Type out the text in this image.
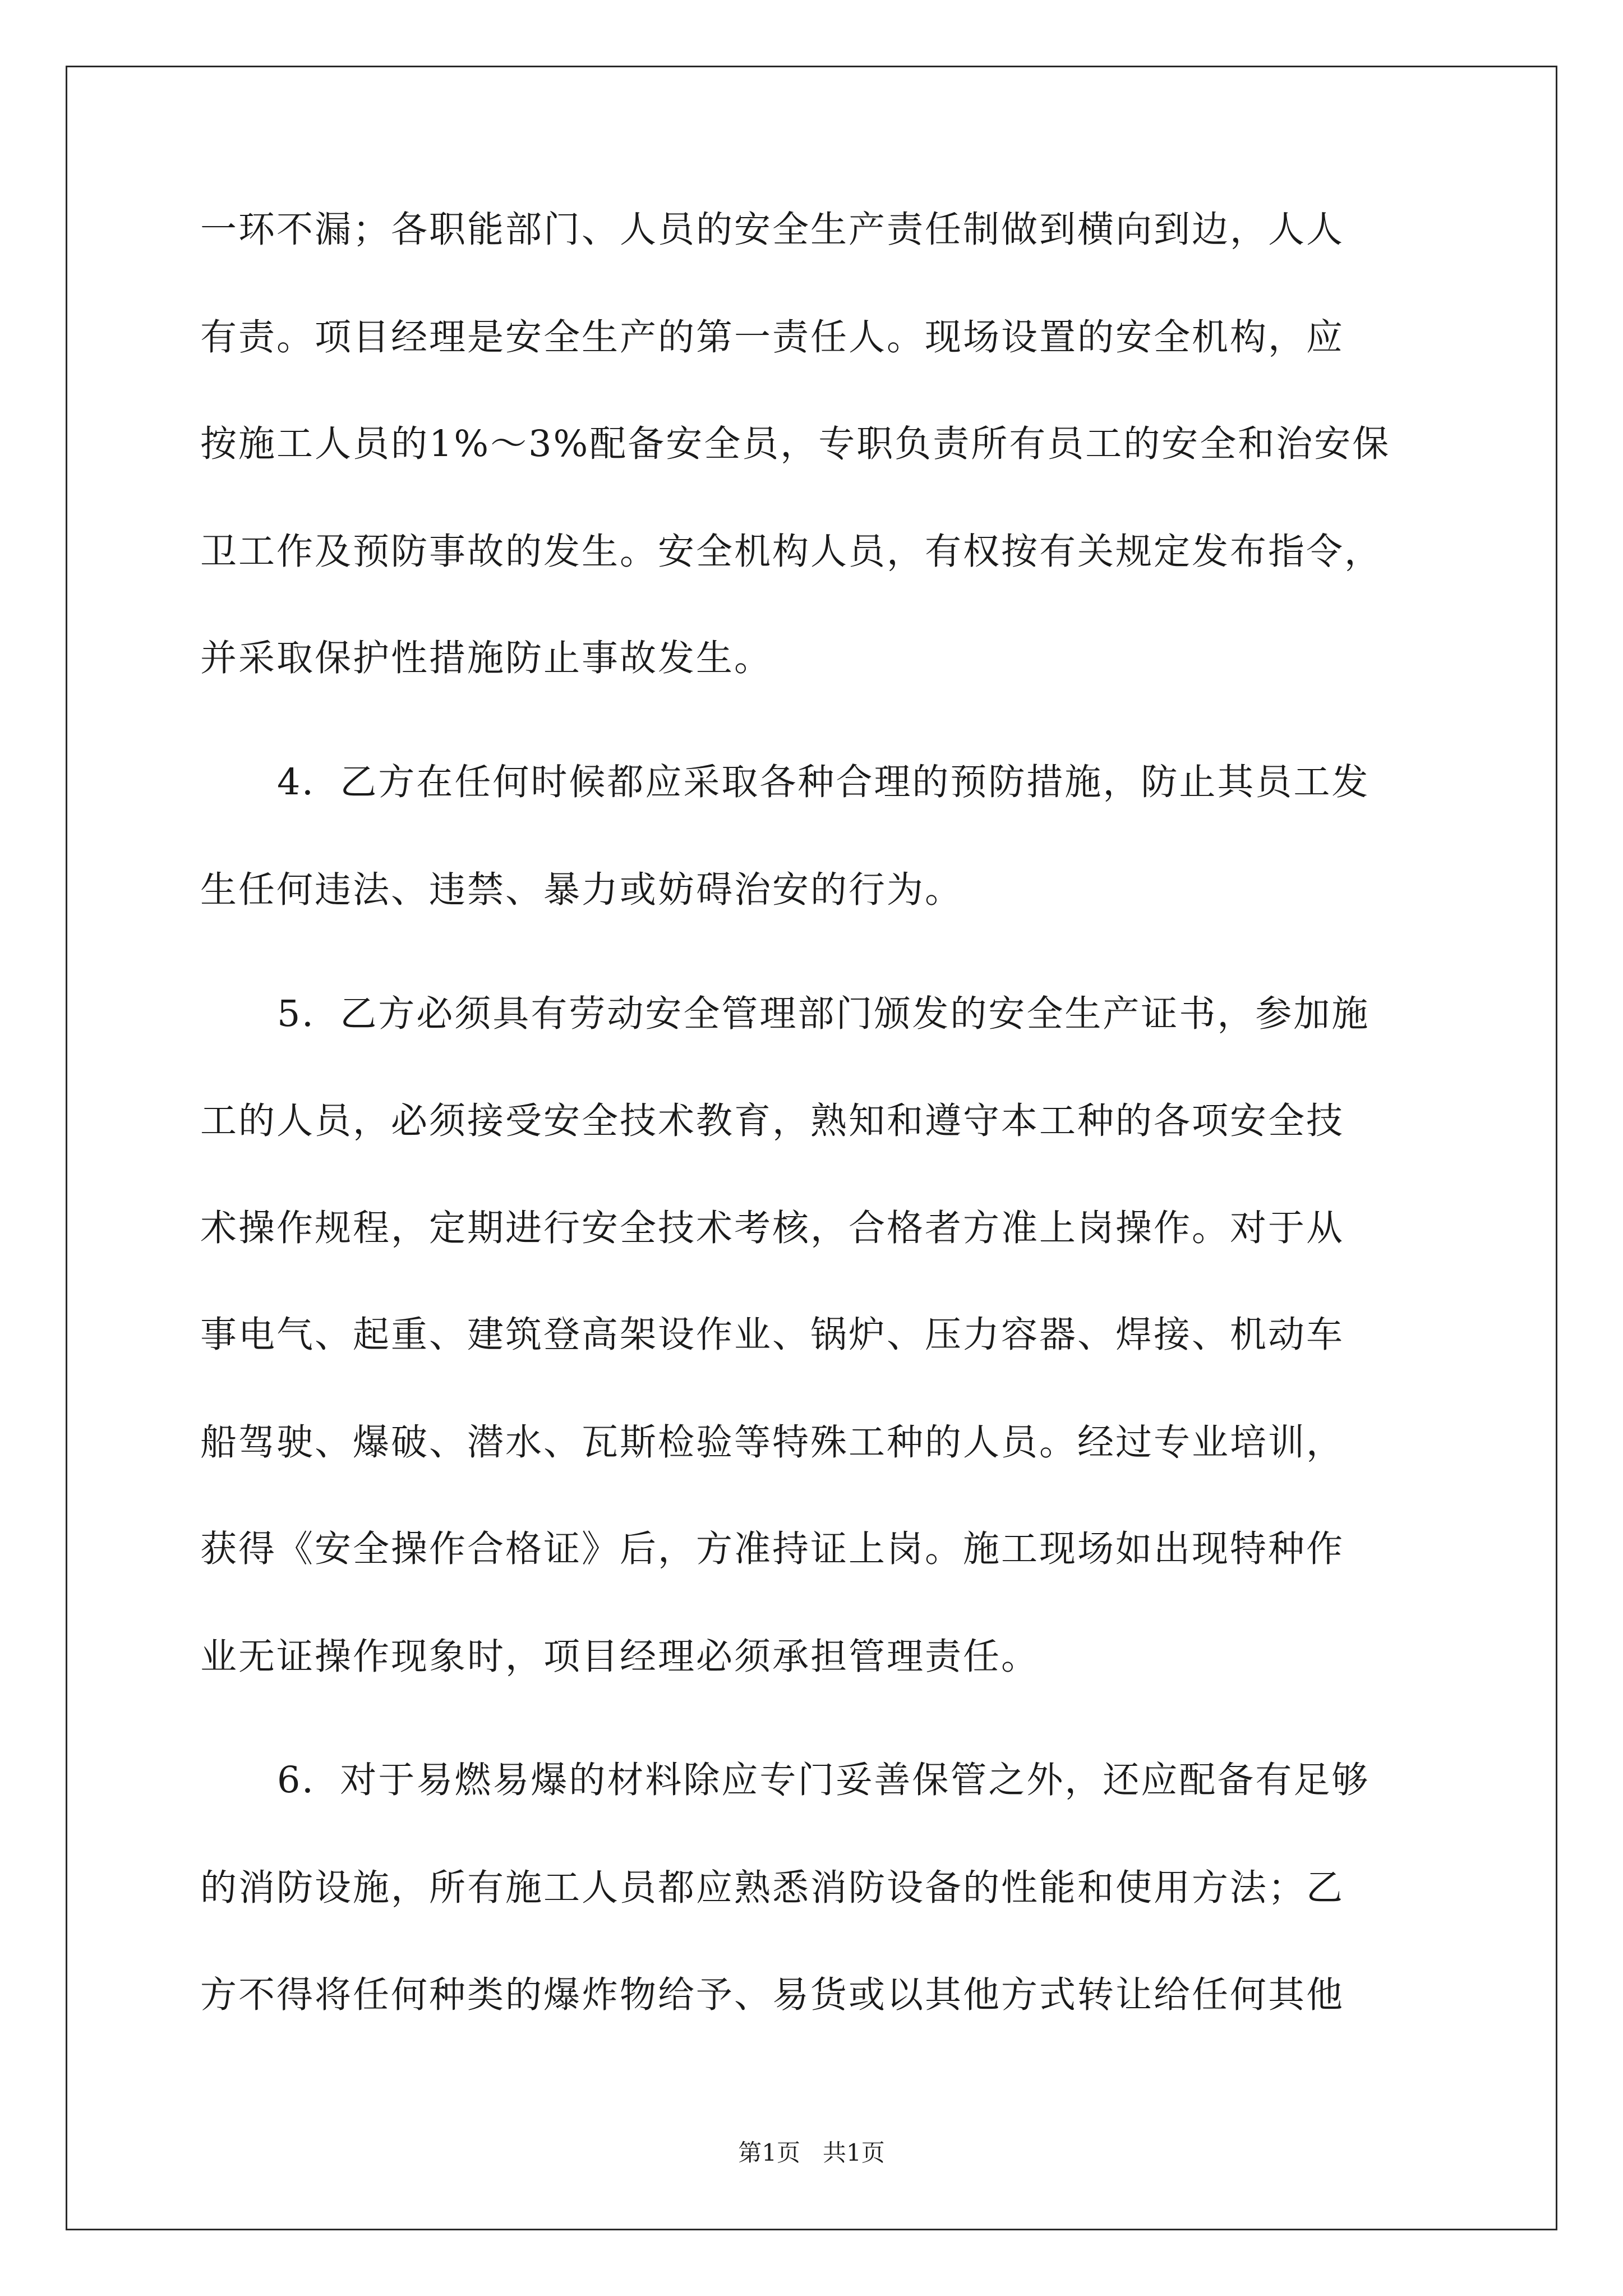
一环不漏；各职能部门、人员的安全生产责任制做到横向到边，人人
有责。项目经理是安全生产的第一责任人。现场设置的安全机构，应
按施工人员的1%～3%配备安全员，专职负责所有员工的安全和治安保
卫工作及预防事故的发生。安全机构人员，有权按有关规定发布指令，
并采取保护性措施防止事故发生。
4．乙方在任何时候都应采取各种合理的预防措施，防止其员工发
生任何违法、违禁、暴力或妨碍治安的行为。
5．乙方必须具有劳动安全管理部门颁发的安全生产证书，参加施
工的人员，必须接受安全技术教育，熟知和遵守本工种的各项安全技
术操作规程，定期进行安全技术考核，合格者方准上岗操作。对于从
事电气、起重、建筑登高架设作业、锅炉、压力容器、焊接、机动车
船驾驶、爆破、潜水、瓦斯检验等特殊工种的人员。经过专业培训，
获得《安全操作合格证》后，方准持证上岗。施工现场如出现特种作
业无证操作现象时，项目经理必须承担管理责任。
6．对于易燃易爆的材料除应专门妥善保管之外，还应配备有足够
的消防设施，所有施工人员都应熟悉消防设备的性能和使用方法；乙
方不得将任何种类的爆炸物给予、易货或以其他方式转让给任何其他
第1页   共1页
